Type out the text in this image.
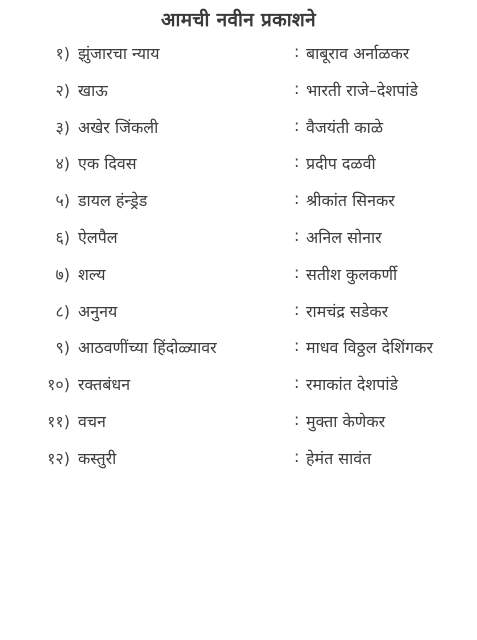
आमची नवीन प्रकाशने
१) झुंजारचा न्याय	: बाबूराव अर्नाळकर
२) खाऊ	: भारती राजे–देशपांडे
३) अखेर जिंकली	: वैजयंती काळे
४) एक दिवस	: प्रदीप दळवी
५) डायल हंन्ड्रेड	: श्रीकांत सिनकर
६) ऐलपैल	: अनिल सोनार
७) शल्य	: सतीश कुलकर्णी
८) अनुनय	: रामचंद्र सडेकर
९) आठवणींच्या हिंदोळ्यावर	: माधव विठ्ठल देशिंगकर
१०) रक्तबंधन	: रमाकांत देशपांडे
११) वचन	: मुक्ता केणेकर
१२) कस्तुरी	: हेमंत सावंत
